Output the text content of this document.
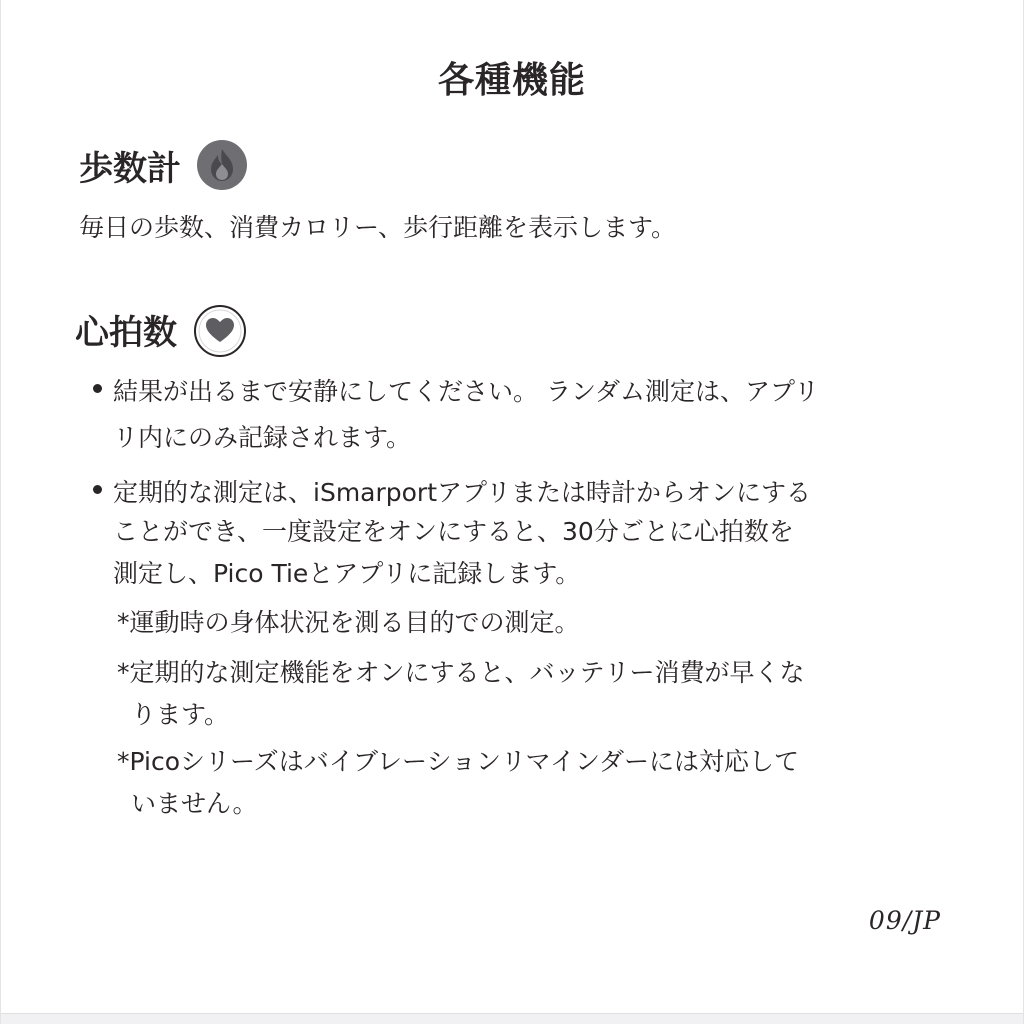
各種機能
歩数計
毎日の歩数、消費カロリー、歩行距離を表示します。
心拍数
結果が出るまで安静にしてください。 ランダム測定は、アプリ
リ内にのみ記録されます。
定期的な測定は、iSmarportアプリまたは時計からオンにする
ことができ、一度設定をオンにすると、30分ごとに心拍数を
測定し、Pico Tieとアプリに記録します。
*運動時の身体状況を測る目的での測定。
*定期的な測定機能をオンにすると、バッテリー消費が早くな
ります。
*Picoシリーズはバイブレーションリマインダーには対応して
いません。
09/JP
